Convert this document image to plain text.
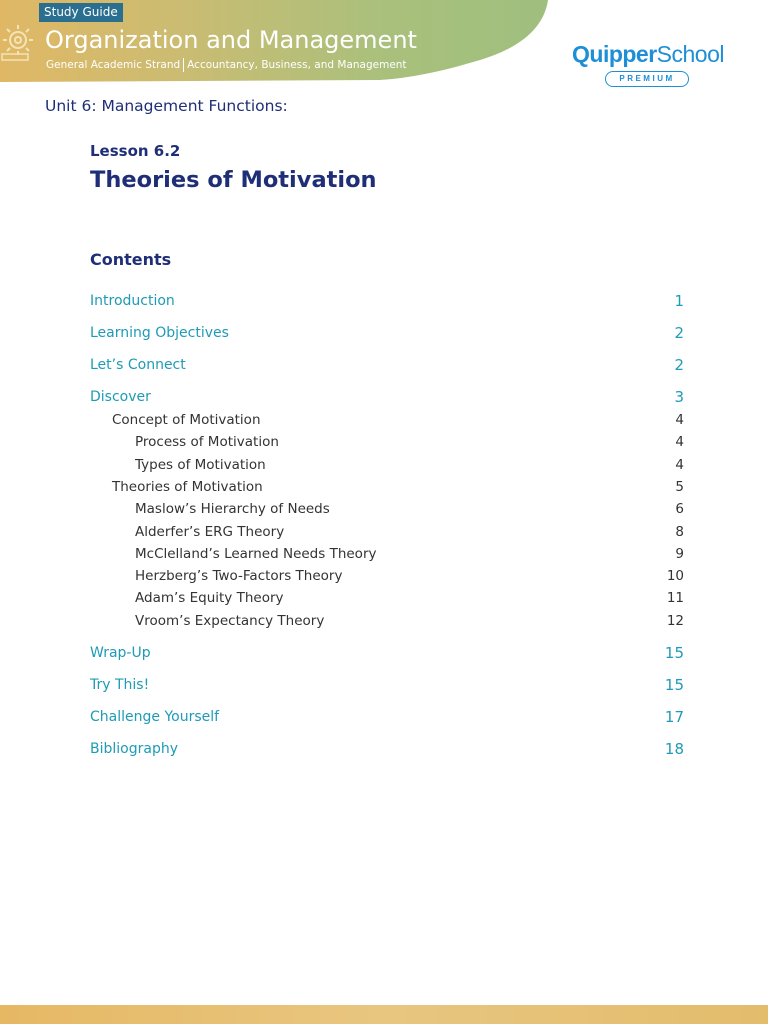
Study Guide
Organization and Management
General Academic Strand Accountancy, Business, and Management	QuipperSchool
PREMIUM
Unit 6: Management Functions:
Lesson 6.2
Theories of Motivation
Contents
Introduction	1
Learning Objectives	2
Let’s Connect	2
Discover	3
Concept of Motivation	4
Process of Motivation	4
Types of Motivation	4
Theories of Motivation	5
Maslow’s Hierarchy of Needs	6
Alderfer’s ERG Theory	8
McClelland’s Learned Needs Theory	9
Herzberg’s Two-Factors Theory	10
Adam’s Equity Theory	11
Vroom’s Expectancy Theory	12
Wrap-Up	15
Try This!	15
Challenge Yourself	17
Bibliography	18
